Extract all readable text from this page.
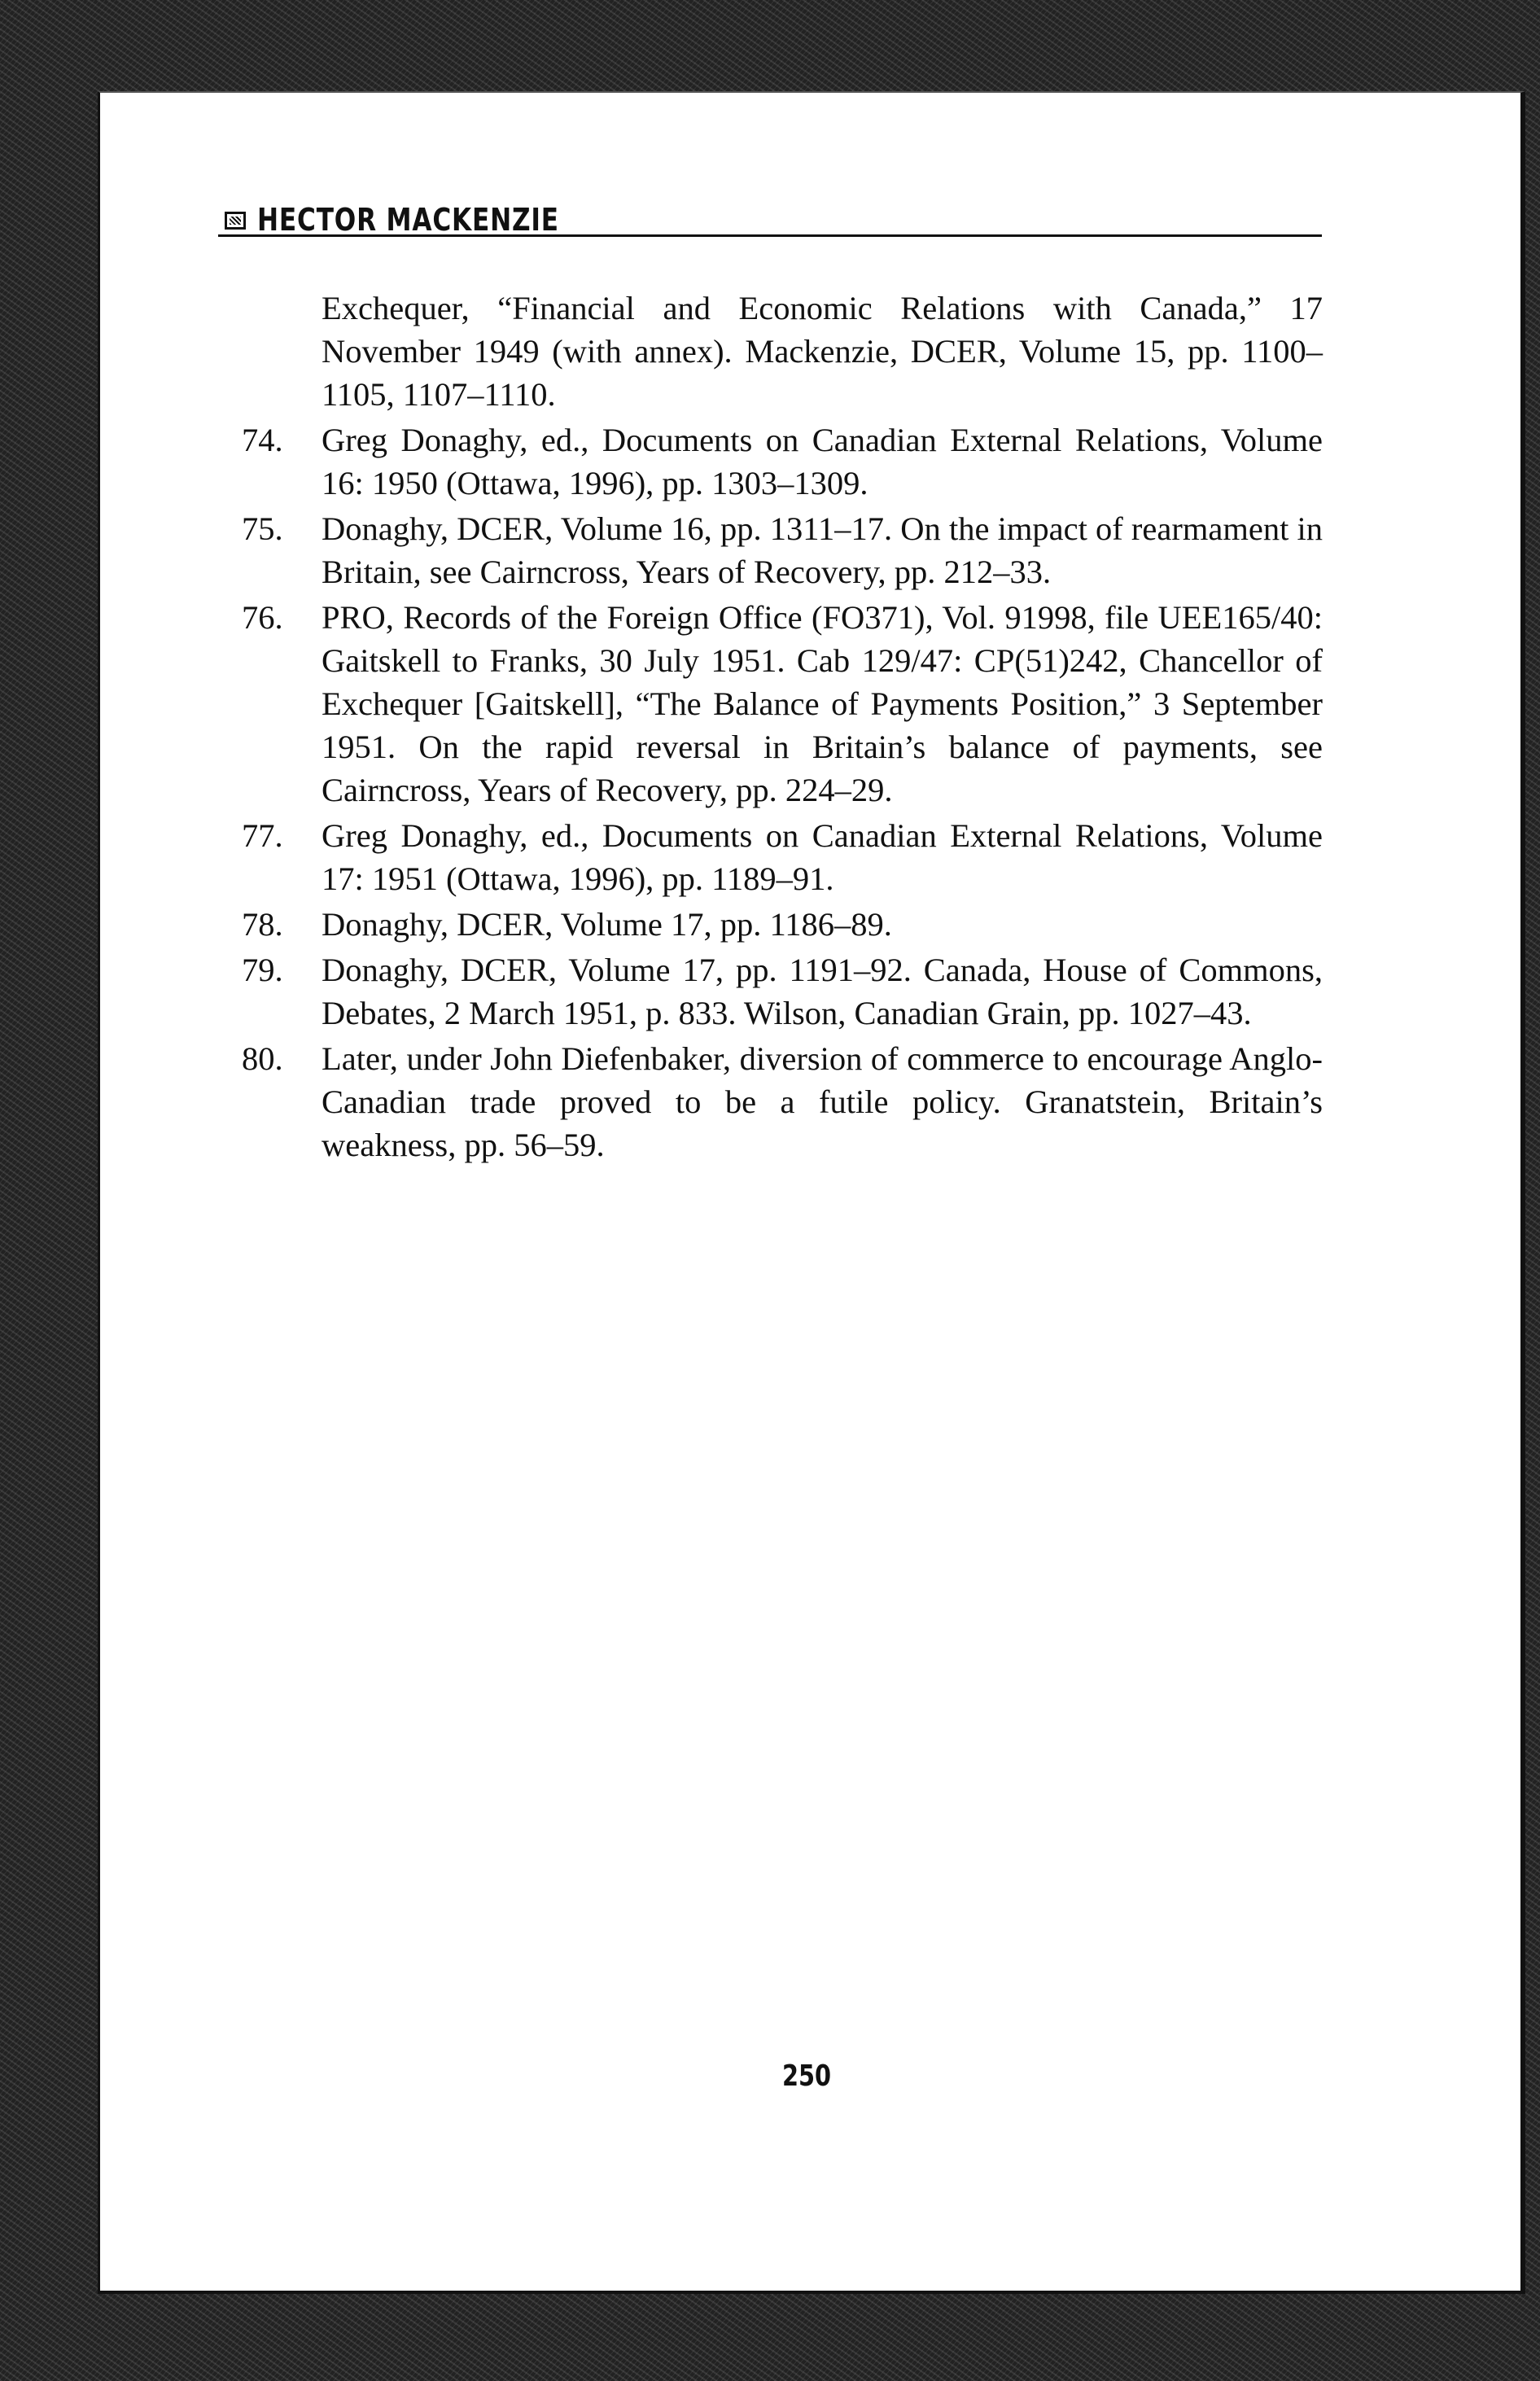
HECTOR MACKENZIE
Exchequer, “Financial and Economic Relations with Canada,” 17 November 1949 (with annex). Mackenzie, DCER, Volume 15, pp. 1100–1105, 1107–1110.
74.	Greg Donaghy, ed., Documents on Canadian External Relations, Volume 16: 1950 (Ottawa, 1996), pp. 1303–1309.
75.	Donaghy, DCER, Volume 16, pp. 1311–17. On the impact of rearmament in Britain, see Cairncross, Years of Recovery, pp. 212–33.
76.	PRO, Records of the Foreign Office (FO371), Vol. 91998, file UEE165/40: Gaitskell to Franks, 30 July 1951. Cab 129/47: CP(51)242, Chancellor of Exchequer [Gaitskell], “The Balance of Payments Position,” 3 September 1951. On the rapid reversal in Britain’s balance of payments, see Cairncross, Years of Recovery, pp. 224–29.
77.	Greg Donaghy, ed., Documents on Canadian External Relations, Volume 17: 1951 (Ottawa, 1996), pp. 1189–91.
78.	Donaghy, DCER, Volume 17, pp. 1186–89.
79.	Donaghy, DCER, Volume 17, pp. 1191–92. Canada, House of Commons, Debates, 2 March 1951, p. 833. Wilson, Canadian Grain, pp. 1027–43.
80.	Later, under John Diefenbaker, diversion of commerce to encourage Anglo-Canadian trade proved to be a futile policy. Granatstein, Britain’s weakness, pp. 56–59.
250
